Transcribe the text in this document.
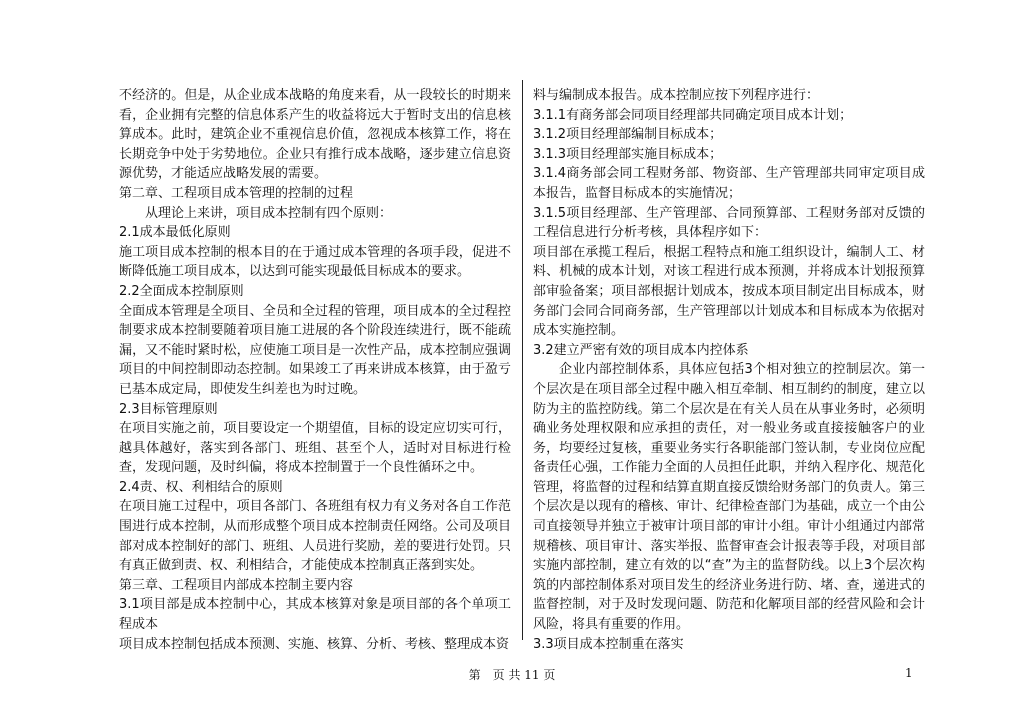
不经济的。但是，从企业成本战略的角度来看，从一段较长的时期来看，企业拥有完整的信息体系产生的收益将远大于暂时支出的信息核算成本。此时，建筑企业不重视信息价值，忽视成本核算工作，将在长期竞争中处于劣势地位。企业只有推行成本战略，逐步建立信息资源优势，才能适应战略发展的需要。

第二章、工程项目成本管理的控制的过程

从理论上来讲，项目成本控制有四个原则：

2.1成本最低化原则

施工项目成本控制的根本目的在于通过成本管理的各项手段，促进不断降低施工项目成本，以达到可能实现最低目标成本的要求。

2.2全面成本控制原则

全面成本管理是全项目、全员和全过程的管理，项目成本的全过程控制要求成本控制要随着项目施工进展的各个阶段连续进行，既不能疏漏，又不能时紧时松，应使施工项目是一次性产品，成本控制应强调项目的中间控制即动态控制。如果竣工了再来讲成本核算，由于盈亏已基本成定局，即使发生纠差也为时过晚。

2.3目标管理原则

在项目实施之前，项目要设定一个期望值，目标的设定应切实可行，越具体越好，落实到各部门、班组、甚至个人，适时对目标进行检查，发现问题，及时纠偏，将成本控制置于一个良性循环之中。

2.4责、权、利相结合的原则

在项目施工过程中，项目各部门、各班组有权力有义务对各自工作范围进行成本控制，从而形成整个项目成本控制责任网络。公司及项目部对成本控制好的部门、班组、人员进行奖励，差的要进行处罚。只有真正做到责、权、利相结合，才能使成本控制真正落到实处。

第三章、工程项目内部成本控制主要内容

3.1项目部是成本控制中心，其成本核算对象是项目部的各个单项工程成本

项目成本控制包括成本预测、实施、核算、分析、考核、整理成本资

料与编制成本报告。成本控制应按下列程序进行：

3.1.1有商务部会同项目经理部共同确定项目成本计划；

3.1.2项目经理部编制目标成本；

3.1.3项目经理部实施目标成本；

3.1.4商务部会同工程财务部、物资部、生产管理部共同审定项目成本报告，监督目标成本的实施情况；

3.1.5项目经理部、生产管理部、合同预算部、工程财务部对反馈的工程信息进行分析考核，具体程序如下：

项目部在承揽工程后，根据工程特点和施工组织设计，编制人工、材料、机械的成本计划，对该工程进行成本预测，并将成本计划报预算部审验备案；项目部根据计划成本，按成本项目制定出目标成本，财务部门会同合同商务部，生产管理部以计划成本和目标成本为依据对成本实施控制。

3.2建立严密有效的项目成本内控体系

企业内部控制体系，具体应包括3个相对独立的控制层次。第一个层次是在项目部全过程中融入相互牵制、相互制约的制度，建立以防为主的监控防线。第二个层次是在有关人员在从事业务时，必须明确业务处理权限和应承担的责任，对一般业务或直接接触客户的业务，均要经过复核，重要业务实行各职能部门签认制，专业岗位应配备责任心强，工作能力全面的人员担任此职，并纳入程序化、规范化管理，将监督的过程和结算直期直接反馈给财务部门的负责人。第三个层次是以现有的稽核、审计、纪律检查部门为基础，成立一个由公司直接领导并独立于被审计项目部的审计小组。审计小组通过内部常规稽核、项目审计、落实举报、监督审查会计报表等手段，对项目部实施内部控制，建立有效的以“查”为主的监督防线。以上3个层次构筑的内部控制体系对项目发生的经济业务进行防、堵、查，递进式的监督控制，对于及时发现问题、防范和化解项目部的经营风险和会计风险，将具有重要的作用。

3.3项目成本控制重在落实

第　页 共 11 页	1
